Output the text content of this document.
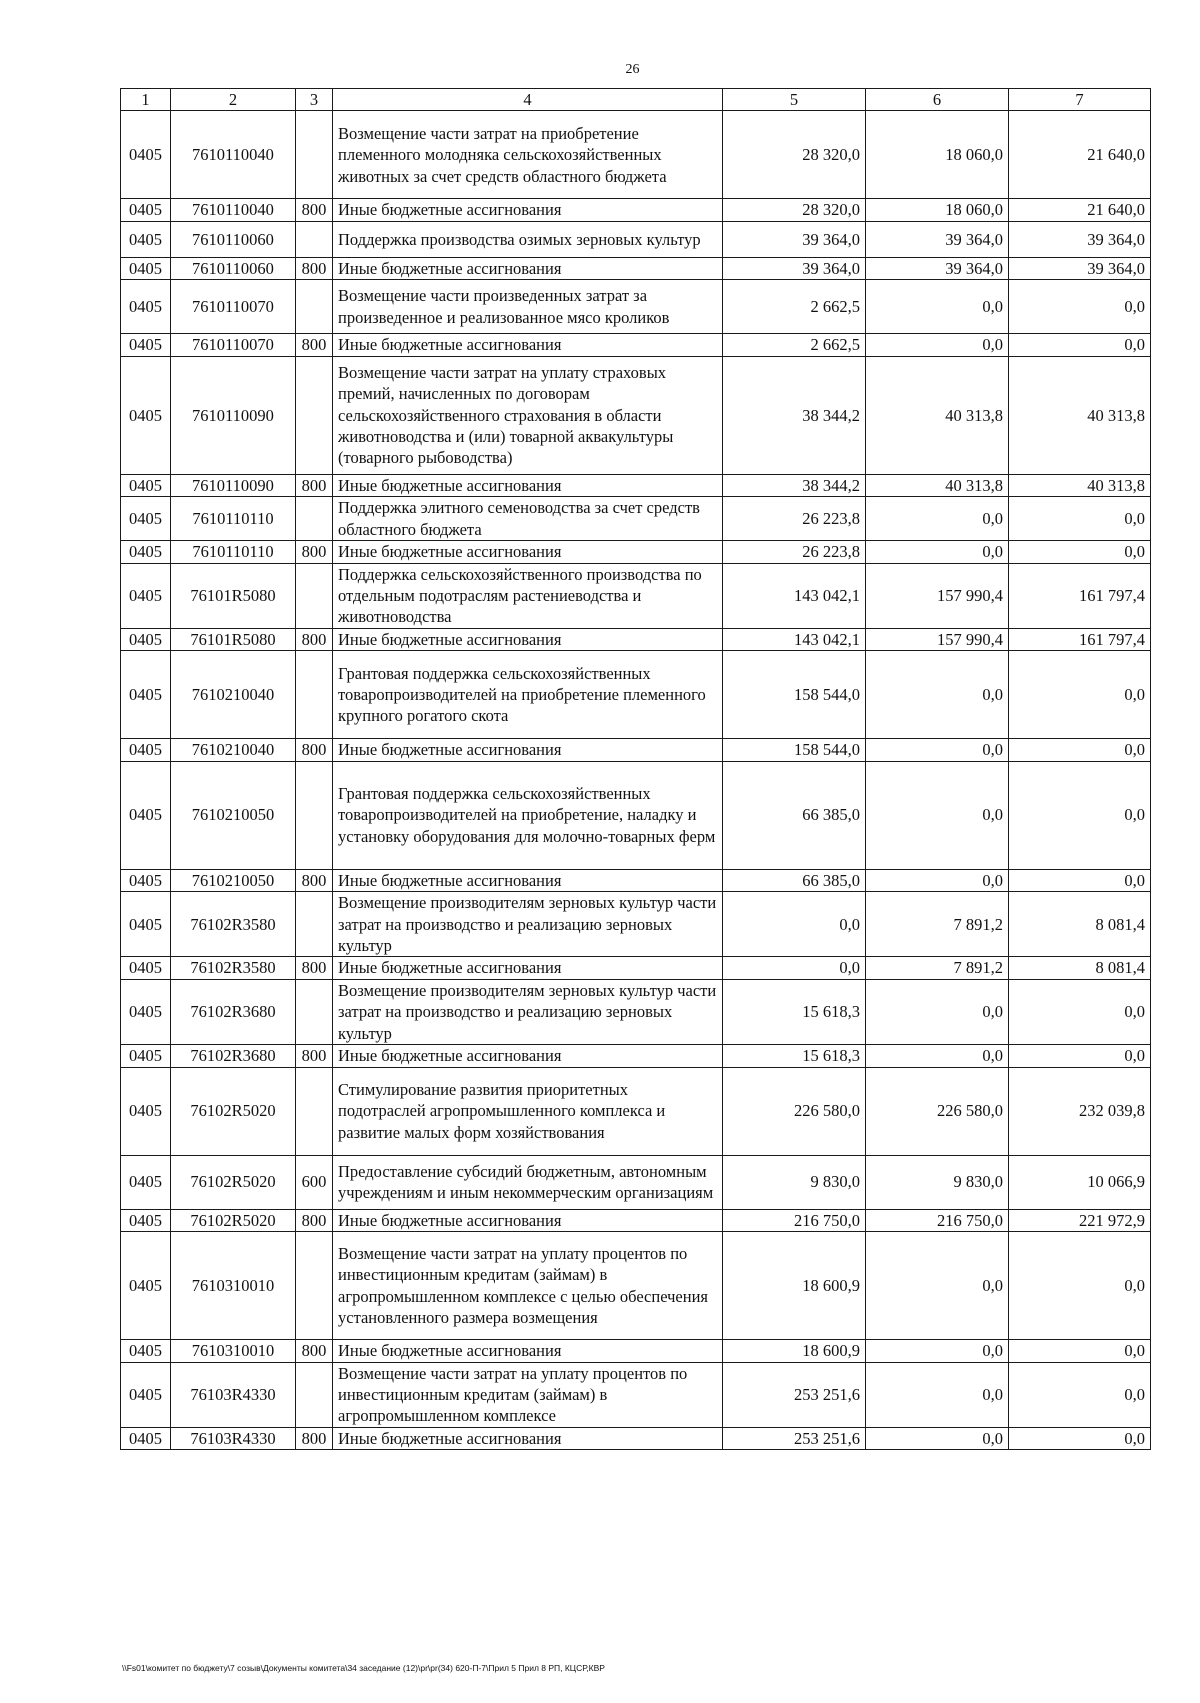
26
1	2	3	4	5	6	7
0405	7610110040		Возмещение части затрат на приобретение племенного молодняка сельскохозяйственных животных за счет средств областного бюджета	28 320,0	18 060,0	21 640,0
0405	7610110040	800	Иные бюджетные ассигнования	28 320,0	18 060,0	21 640,0
0405	7610110060		Поддержка производства озимых зерновых культур	39 364,0	39 364,0	39 364,0
0405	7610110060	800	Иные бюджетные ассигнования	39 364,0	39 364,0	39 364,0
0405	7610110070		Возмещение части произведенных затрат за произведенное и реализованное мясо кроликов	2 662,5	0,0	0,0
0405	7610110070	800	Иные бюджетные ассигнования	2 662,5	0,0	0,0
0405	7610110090		Возмещение части затрат на уплату страховых премий, начисленных по договорам сельскохозяйственного страхования в области животноводства и (или) товарной аквакультуры (товарного рыбоводства)	38 344,2	40 313,8	40 313,8
0405	7610110090	800	Иные бюджетные ассигнования	38 344,2	40 313,8	40 313,8
0405	7610110110		Поддержка элитного семеноводства за счет средств областного бюджета	26 223,8	0,0	0,0
0405	7610110110	800	Иные бюджетные ассигнования	26 223,8	0,0	0,0
0405	76101R5080		Поддержка сельскохозяйственного производства по отдельным подотраслям растениеводства и животноводства	143 042,1	157 990,4	161 797,4
0405	76101R5080	800	Иные бюджетные ассигнования	143 042,1	157 990,4	161 797,4
0405	7610210040		Грантовая поддержка сельскохозяйственных товаропроизводителей на приобретение племенного крупного рогатого скота	158 544,0	0,0	0,0
0405	7610210040	800	Иные бюджетные ассигнования	158 544,0	0,0	0,0
0405	7610210050		Грантовая поддержка сельскохозяйственных товаропроизводителей на приобретение, наладку и установку оборудования для молочно-товарных ферм	66 385,0	0,0	0,0
0405	7610210050	800	Иные бюджетные ассигнования	66 385,0	0,0	0,0
0405	76102R3580		Возмещение производителям зерновых культур части затрат на производство и реализацию зерновых культур	0,0	7 891,2	8 081,4
0405	76102R3580	800	Иные бюджетные ассигнования	0,0	7 891,2	8 081,4
0405	76102R3680		Возмещение производителям зерновых культур части затрат на производство и реализацию зерновых культур	15 618,3	0,0	0,0
0405	76102R3680	800	Иные бюджетные ассигнования	15 618,3	0,0	0,0
0405	76102R5020		Стимулирование развития приоритетных подотраслей агропромышленного комплекса и развитие малых форм хозяйствования	226 580,0	226 580,0	232 039,8
0405	76102R5020	600	Предоставление субсидий бюджетным, автономным учреждениям и иным некоммерческим организациям	9 830,0	9 830,0	10 066,9
0405	76102R5020	800	Иные бюджетные ассигнования	216 750,0	216 750,0	221 972,9
0405	7610310010		Возмещение части затрат на уплату процентов по инвестиционным кредитам (займам) в агропромышленном комплексе с целью обеспечения установленного размера возмещения	18 600,9	0,0	0,0
0405	7610310010	800	Иные бюджетные ассигнования	18 600,9	0,0	0,0
0405	76103R4330		Возмещение части затрат на уплату процентов по инвестиционным кредитам (займам) в агропромышленном комплексе	253 251,6	0,0	0,0
0405	76103R4330	800	Иные бюджетные ассигнования	253 251,6	0,0	0,0
\\Fs01\комитет по бюджету\7 созыв\Документы комитета\34 заседание (12)\pr\pr(34) 620-П-7\Прил 5 Прил 8 РП, КЦСР,КВР
